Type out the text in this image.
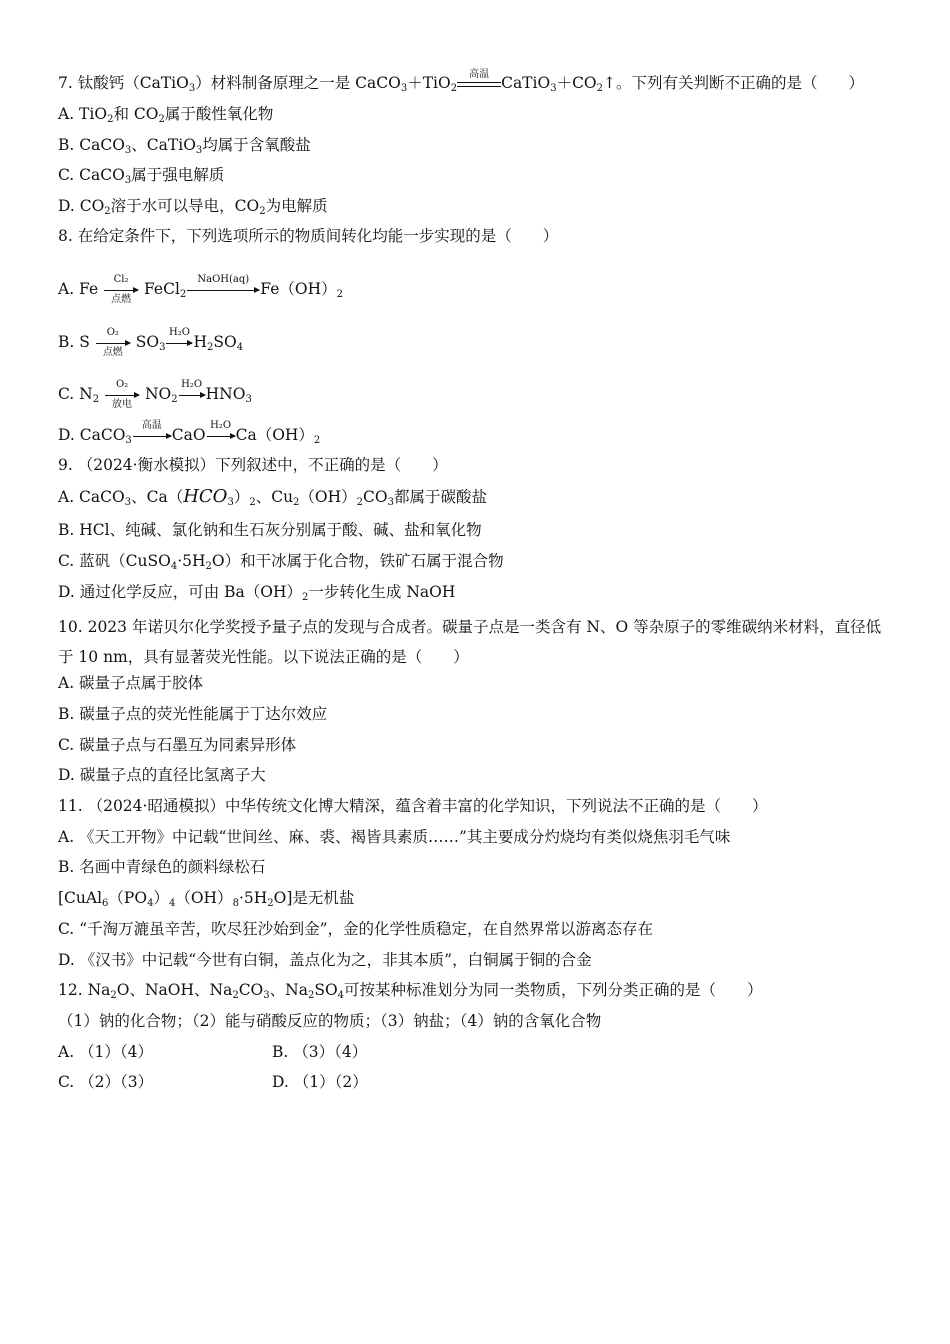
7. 钛酸钙（CaTiO$_3$）材料制备原理之一是 CaCO$_3$＋TiO$_2$
高温 $CaTiO_3+CO_2↑$。下列有关判断不正确的是（　　）
A. TiO$_2$和 $CO_2$属于酸性氧化物
B. CaCO$_3$、CaTiO$_3$均属于含氧酸盐
C. CaCO$_3$属于强电解质
D. $CO_2$溶于水可以导电，$CO_2$为电解质
8. 在给定条件下，下列选项所示的物质间转化均能一步实现的是（　　）
A. Fe
Cl₂
点燃
FeCl$_2$
NaOH(aq)
$Fe(OH)_2$
B. S
O₂
点燃
$SO_3$
H₂O
$H_2SO_4$
C. $N_2$
O₂
放电
$NO_2$
H₂O
$HNO_3$
D. CaCO$_3$
高温
CaO
H₂O
$Ca(OH)_2$
9. （2024·衡水模拟）下列叙述中，不正确的是（　　）
A. CaCO$_3$、$Ca(HCO_3)_2$、$Cu_2(OH)_2CO_3$都属于碳酸盐
B. HCl、纯碱、氯化钠和生石灰分别属于酸、碱、盐和氧化物
C. 蓝矾$(CuSO_4\cdot 5H_2O)$和干冰属于化合物，铁矿石属于混合物
D. 通过化学反应，可由 $Ba(OH)_2$一步转化生成 NaOH
10. 2023 年诺贝尔化学奖授予量子点的发现与合成者。碳量子点是一类含有 N、O 等杂原子的零维碳纳米材料，直径低于 10 nm，具有显著荧光性能。以下说法正确的是（　　）
A. 碳量子点属于胶体
B. 碳量子点的荧光性能属于丁达尔效应
C. 碳量子点与石墨互为同素异形体
D. 碳量子点的直径比氢离子大
11. （2024·昭通模拟）中华传统文化博大精深，蕴含着丰富的化学知识，下列说法不正确的是（　　）
A. 《天工开物》中记载“世间丝、麻、裘、褐皆具素质……”其主要成分灼烧均有类似烧焦羽毛气味
B. 名画中青绿色的颜料绿松石
$[CuAl_6(PO_4)_4(OH)_8\cdot 5H_2O]$是无机盐
C. “千淘万漉虽辛苦，吹尽狂沙始到金”，金的化学性质稳定，在自然界常以游离态存在
D. 《汉书》中记载“今世有白铜，盖点化为之，非其本质”，白铜属于铜的合金
12. $Na_2O$、NaOH、$Na_2CO_3$、$Na_2SO_4$可按某种标准划分为同一类物质，下列分类正确的是（　　）
（1）钠的化合物；（2）能与硝酸反应的物质；（3）钠盐；（4）钠的含氧化合物
A. （1）（4）	B. （3）（4）
C. （2）（3）	D. （1）（2）
